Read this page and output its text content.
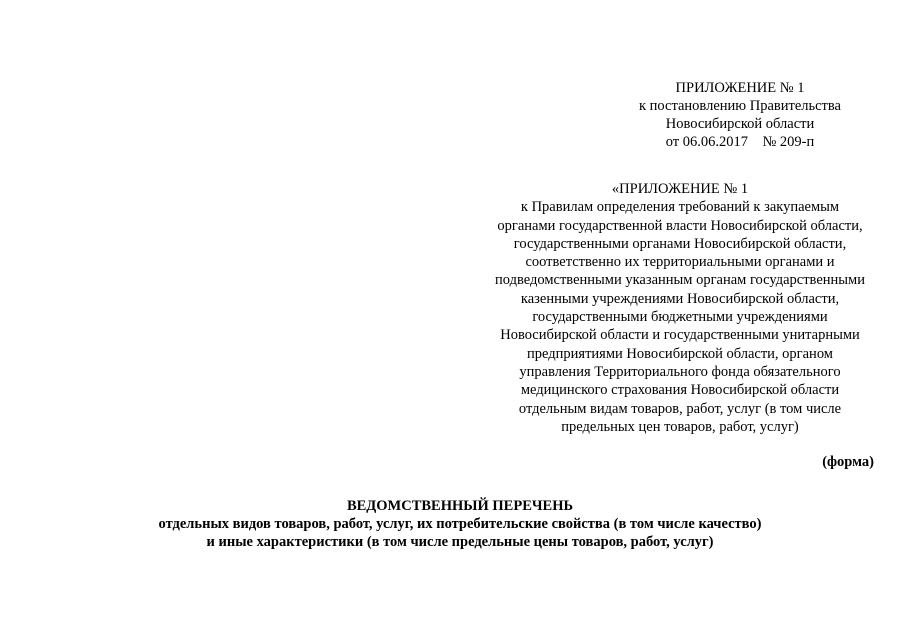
ПРИЛОЖЕНИЕ № 1
к постановлению Правительства
Новосибирской области
от 06.06.2017    № 209-п
«ПРИЛОЖЕНИЕ № 1
к Правилам определения требований к закупаемым
органами государственной власти Новосибирской области,
государственными органами Новосибирской области,
соответственно их территориальными органами и
подведомственными указанным органам государственными
казенными учреждениями Новосибирской области,
государственными бюджетными учреждениями
Новосибирской области и государственными унитарными
предприятиями Новосибирской области, органом
управления Территориального фонда обязательного
медицинского страхования Новосибирской области
отдельным видам товаров, работ, услуг (в том числе
предельных цен товаров, работ, услуг)
(форма)
ВЕДОМСТВЕННЫЙ ПЕРЕЧЕНЬ
отдельных видов товаров, работ, услуг, их потребительские свойства (в том числе качество)
и иные характеристики (в том числе предельные цены товаров, работ, услуг)
